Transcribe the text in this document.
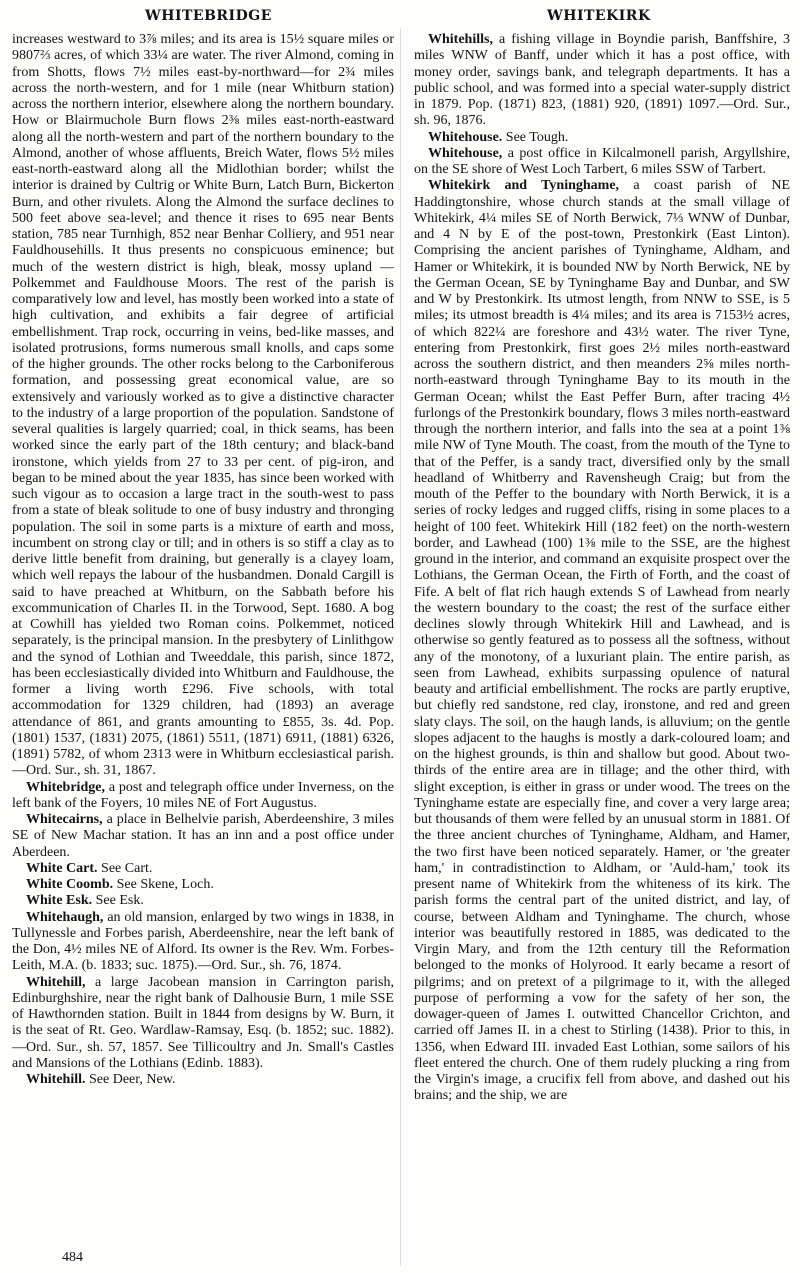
WHITEBRIDGE	WHITEKIRK

increases westward to 3⅞ miles; and its area is 15½ square miles or 9807⅔ acres, of which 33¼ are water. The river Almond, coming in from Shotts, flows 7½ miles east-by-northward—for 2¾ miles across the north-western, and for 1 mile (near Whitburn station) across the northern interior, elsewhere along the northern boundary. How or Blairmuchole Burn flows 2⅜ miles east-north-eastward along all the north-western and part of the northern boundary to the Almond, another of whose affluents, Breich Water, flows 5½ miles east-north-eastward along all the Midlothian border; whilst the interior is drained by Cultrig or White Burn, Latch Burn, Bickerton Burn, and other rivulets. Along the Almond the surface declines to 500 feet above sea-level; and thence it rises to 695 near Bents station, 785 near Turnhigh, 852 near Benhar Colliery, and 951 near Fauldhousehills. It thus presents no conspicuous eminence; but much of the western district is high, bleak, mossy upland — Polkemmet and Fauldhouse Moors. The rest of the parish is comparatively low and level, has mostly been worked into a state of high cultivation, and exhibits a fair degree of artificial embellishment. Trap rock, occurring in veins, bed-like masses, and isolated protrusions, forms numerous small knolls, and caps some of the higher grounds. The other rocks belong to the Carboniferous formation, and possessing great economical value, are so extensively and variously worked as to give a distinctive character to the industry of a large proportion of the population. Sandstone of several qualities is largely quarried; coal, in thick seams, has been worked since the early part of the 18th century; and black-band ironstone, which yields from 27 to 33 per cent. of pig-iron, and began to be mined about the year 1835, has since been worked with such vigour as to occasion a large tract in the south-west to pass from a state of bleak solitude to one of busy industry and thronging population. The soil in some parts is a mixture of earth and moss, incumbent on strong clay or till; and in others is so stiff a clay as to derive little benefit from draining, but generally is a clayey loam, which well repays the labour of the husbandmen. Donald Cargill is said to have preached at Whitburn, on the Sabbath before his excommunication of Charles II. in the Torwood, Sept. 1680. A bog at Cowhill has yielded two Roman coins. Polkemmet, noticed separately, is the principal mansion. In the presbytery of Linlithgow and the synod of Lothian and Tweeddale, this parish, since 1872, has been ecclesiastically divided into Whitburn and Fauldhouse, the former a living worth £296. Five schools, with total accommodation for 1329 children, had (1893) an average attendance of 861, and grants amounting to £855, 3s. 4d. Pop. (1801) 1537, (1831) 2075, (1861) 5511, (1871) 6911, (1881) 6326, (1891) 5782, of whom 2313 were in Whitburn ecclesiastical parish.—Ord. Sur., sh. 31, 1867.

Whitebridge, a post and telegraph office under Inverness, on the left bank of the Foyers, 10 miles NE of Fort Augustus.

Whitecairns, a place in Belhelvie parish, Aberdeenshire, 3 miles SE of New Machar station. It has an inn and a post office under Aberdeen.

White Cart. See Cart.

White Coomb. See Skene, Loch.

White Esk. See Esk.

Whitehaugh, an old mansion, enlarged by two wings in 1838, in Tullynessle and Forbes parish, Aberdeenshire, near the left bank of the Don, 4½ miles NE of Alford. Its owner is the Rev. Wm. Forbes-Leith, M.A. (b. 1833; suc. 1875).—Ord. Sur., sh. 76, 1874.

Whitehill, a large Jacobean mansion in Carrington parish, Edinburghshire, near the right bank of Dalhousie Burn, 1 mile SSE of Hawthornden station. Built in 1844 from designs by W. Burn, it is the seat of Rt. Geo. Wardlaw-Ramsay, Esq. (b. 1852; suc. 1882).—Ord. Sur., sh. 57, 1857. See Tillicoultry and Jn. Small's Castles and Mansions of the Lothians (Edinb. 1883).

Whitehill. See Deer, New.

Whitehills, a fishing village in Boyndie parish, Banffshire, 3 miles WNW of Banff, under which it has a post office, with money order, savings bank, and telegraph departments. It has a public school, and was formed into a special water-supply district in 1879. Pop. (1871) 823, (1881) 920, (1891) 1097.—Ord. Sur., sh. 96, 1876.

Whitehouse. See Tough.

Whitehouse, a post office in Kilcalmonell parish, Argyllshire, on the SE shore of West Loch Tarbert, 6 miles SSW of Tarbert.

Whitekirk and Tyninghame, a coast parish of NE Haddingtonshire, whose church stands at the small village of Whitekirk, 4¼ miles SE of North Berwick, 7⅓ WNW of Dunbar, and 4 N by E of the post-town, Prestonkirk (East Linton). Comprising the ancient parishes of Tyninghame, Aldham, and Hamer or Whitekirk, it is bounded NW by North Berwick, NE by the German Ocean, SE by Tyninghame Bay and Dunbar, and SW and W by Prestonkirk. Its utmost length, from NNW to SSE, is 5 miles; its utmost breadth is 4¼ miles; and its area is 7153½ acres, of which 822¼ are foreshore and 43½ water. The river Tyne, entering from Prestonkirk, first goes 2½ miles north-eastward across the southern district, and then meanders 2⅝ miles north-north-eastward through Tyninghame Bay to its mouth in the German Ocean; whilst the East Peffer Burn, after tracing 4½ furlongs of the Prestonkirk boundary, flows 3 miles north-eastward through the northern interior, and falls into the sea at a point 1⅜ mile NW of Tyne Mouth. The coast, from the mouth of the Tyne to that of the Peffer, is a sandy tract, diversified only by the small headland of Whitberry and Ravensheugh Craig; but from the mouth of the Peffer to the boundary with North Berwick, it is a series of rocky ledges and rugged cliffs, rising in some places to a height of 100 feet. Whitekirk Hill (182 feet) on the north-western border, and Lawhead (100) 1⅜ mile to the SSE, are the highest ground in the interior, and command an exquisite prospect over the Lothians, the German Ocean, the Firth of Forth, and the coast of Fife. A belt of flat rich haugh extends S of Lawhead from nearly the western boundary to the coast; the rest of the surface either declines slowly through Whitekirk Hill and Lawhead, and is otherwise so gently featured as to possess all the softness, without any of the monotony, of a luxuriant plain. The entire parish, as seen from Lawhead, exhibits surpassing opulence of natural beauty and artificial embellishment. The rocks are partly eruptive, but chiefly red sandstone, red clay, ironstone, and red and green slaty clays. The soil, on the haugh lands, is alluvium; on the gentle slopes adjacent to the haughs is mostly a dark-coloured loam; and on the highest grounds, is thin and shallow but good. About two-thirds of the entire area are in tillage; and the other third, with slight exception, is either in grass or under wood. The trees on the Tyninghame estate are especially fine, and cover a very large area; but thousands of them were felled by an unusual storm in 1881. Of the three ancient churches of Tyninghame, Aldham, and Hamer, the two first have been noticed separately. Hamer, or 'the greater ham,' in contradistinction to Aldham, or 'Auld-ham,' took its present name of Whitekirk from the whiteness of its kirk. The parish forms the central part of the united district, and lay, of course, between Aldham and Tyninghame. The church, whose interior was beautifully restored in 1885, was dedicated to the Virgin Mary, and from the 12th century till the Reformation belonged to the monks of Holyrood. It early became a resort of pilgrims; and on pretext of a pilgrimage to it, with the alleged purpose of performing a vow for the safety of her son, the dowager-queen of James I. outwitted Chancellor Crichton, and carried off James II. in a chest to Stirling (1438). Prior to this, in 1356, when Edward III. invaded East Lothian, some sailors of his fleet entered the church. One of them rudely plucking a ring from the Virgin's image, a crucifix fell from above, and dashed out his brains; and the ship, we are

484
